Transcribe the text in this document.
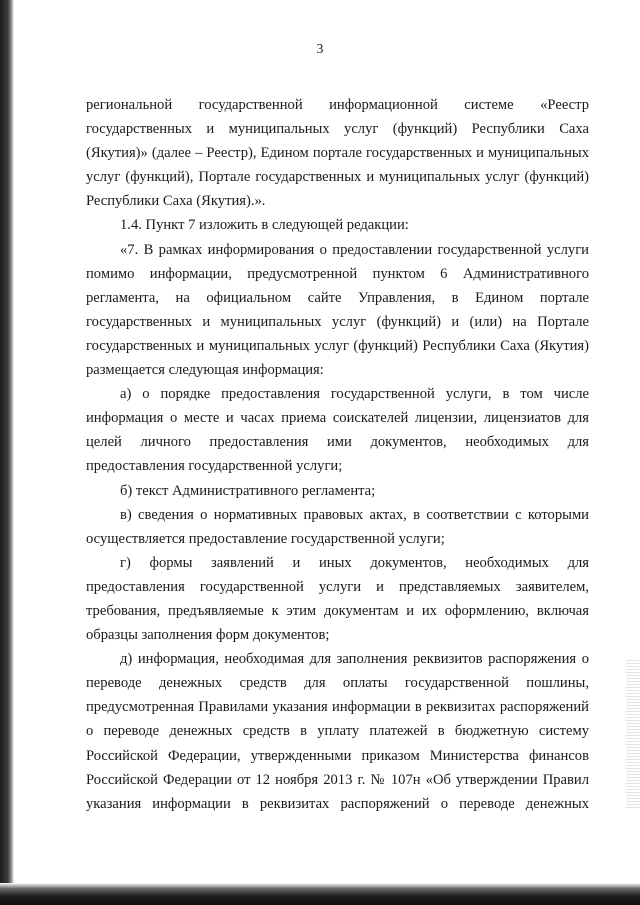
3

региональной государственной информационной системе «Реестр

государственных и муниципальных услуг (функций) Республики Саха

(Якутия)» (далее – Реестр), Едином портале государственных и муниципальных

услуг (функций), Портале государственных и муниципальных услуг (функций)

Республики Саха (Якутия).».

1.4. Пункт 7 изложить в следующей редакции:

«7. В рамках информирования о предоставлении государственной услуги

помимо информации, предусмотренной пунктом 6 Административного

регламента, на официальном сайте Управления, в Едином портале

государственных и муниципальных услуг (функций) и (или) на Портале

государственных и муниципальных услуг (функций) Республики Саха (Якутия)

размещается следующая информация:

а) о порядке предоставления государственной услуги, в том числе

информация о месте и часах приема соискателей лицензии, лицензиатов для

целей личного предоставления ими документов, необходимых для

предоставления государственной услуги;

б) текст Административного регламента;

в) сведения о нормативных правовых актах, в соответствии с которыми

осуществляется предоставление государственной услуги;

г) формы заявлений и иных документов, необходимых для

предоставления государственной услуги и представляемых заявителем,

требования, предъявляемые к этим документам и их оформлению, включая

образцы заполнения форм документов;

д) информация, необходимая для заполнения реквизитов распоряжения о

переводе денежных средств для оплаты государственной пошлины,

предусмотренная Правилами указания информации в реквизитах распоряжений

о переводе денежных средств в уплату платежей в бюджетную систему

Российской Федерации, утвержденными приказом Министерства финансов

Российской Федерации от 12 ноября 2013 г. № 107н «Об утверждении Правил

указания информации в реквизитах распоряжений о переводе денежных
